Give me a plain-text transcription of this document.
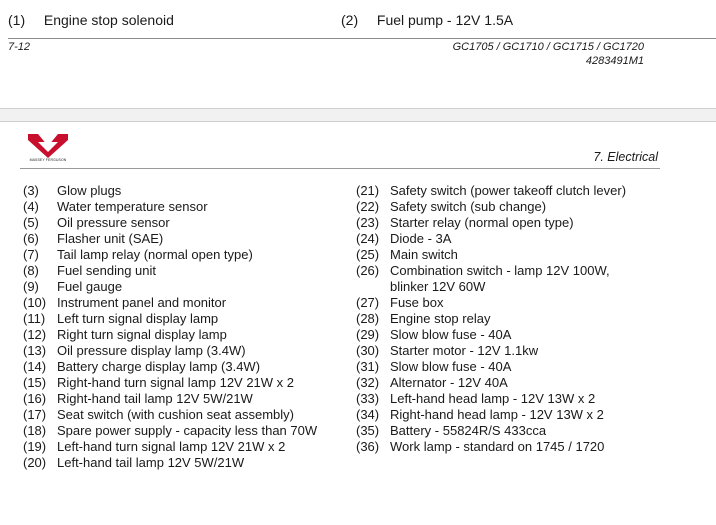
(1) Engine stop solenoid	(2) Fuel pump - 12V 1.5A
7-12	GC1705 / GC1710 / GC1715 / GC1720
4283491M1
MASSEY FERGUSON	7. Electrical
(3)	Glow plugs
(4)	Water temperature sensor
(5)	Oil pressure sensor
(6)	Flasher unit (SAE)
(7)	Tail lamp relay (normal open type)
(8)	Fuel sending unit
(9)	Fuel gauge
(10) Instrument panel and monitor
(11) Left turn signal display lamp
(12) Right turn signal display lamp
(13) Oil pressure display lamp (3.4W)
(14) Battery charge display lamp (3.4W)
(15) Right-hand turn signal lamp 12V 21W x 2
(16) Right-hand tail lamp 12V 5W/21W
(17) Seat switch (with cushion seat assembly)
(18) Spare power supply - capacity less than 70W
(19) Left-hand turn signal lamp 12V 21W x 2
(20) Left-hand tail lamp 12V 5W/21W
(21) Safety switch (power takeoff clutch lever)
(22) Safety switch (sub change)
(23) Starter relay (normal open type)
(24) Diode - 3A
(25) Main switch
(26) Combination switch - lamp 12V 100W,
blinker 12V 60W
(27) Fuse box
(28) Engine stop relay
(29) Slow blow fuse - 40A
(30) Starter motor - 12V 1.1kw
(31) Slow blow fuse - 40A
(32) Alternator - 12V 40A
(33) Left-hand head lamp - 12V 13W x 2
(34) Right-hand head lamp - 12V 13W x 2
(35) Battery - 55824R/S 433cca
(36) Work lamp - standard on 1745 / 1720
